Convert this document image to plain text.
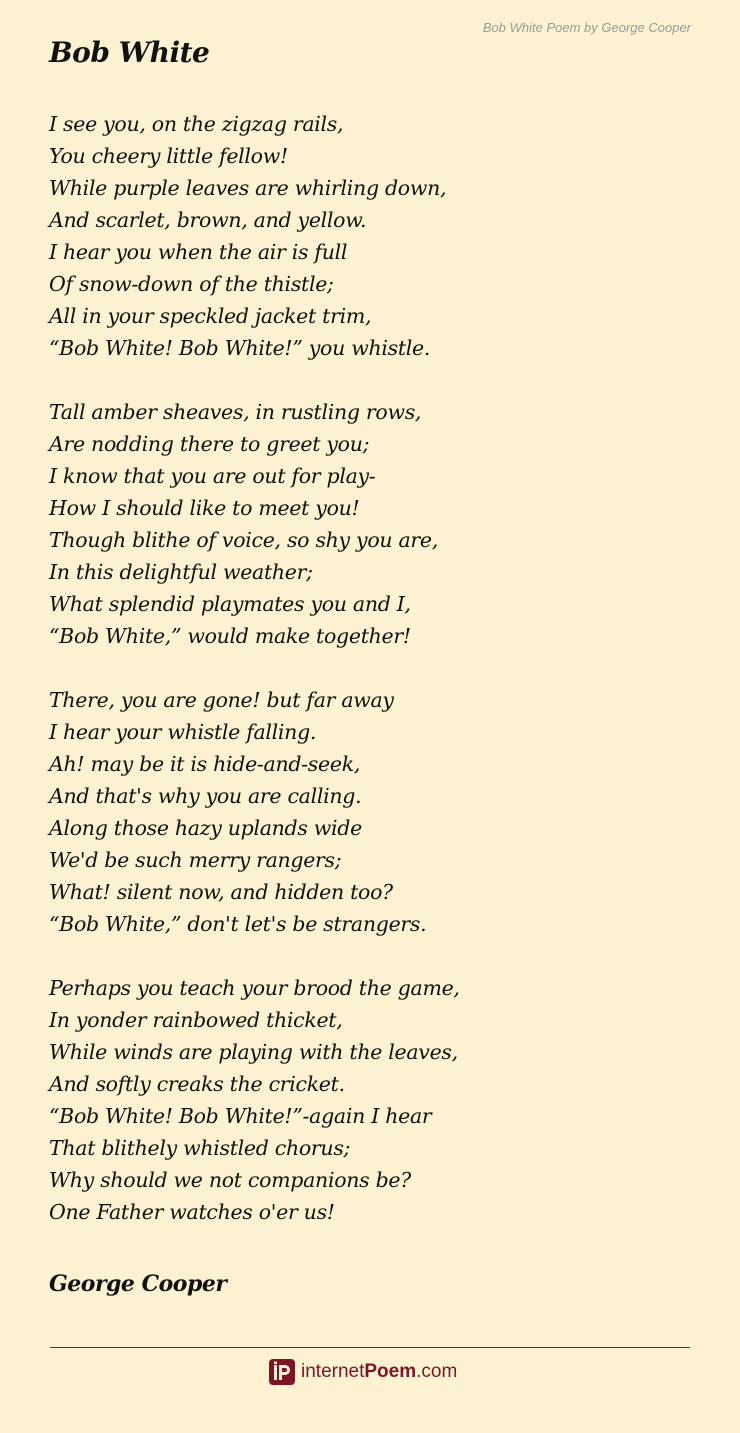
Bob White Poem by George Cooper
Bob White
I see you, on the zigzag rails,
You cheery little fellow!
While purple leaves are whirling down,
And scarlet, brown, and yellow.
I hear you when the air is full
Of snow-down of the thistle;
All in your speckled jacket trim,
“Bob White! Bob White!” you whistle.
Tall amber sheaves, in rustling rows,
Are nodding there to greet you;
I know that you are out for play-
How I should like to meet you!
Though blithe of voice, so shy you are,
In this delightful weather;
What splendid playmates you and I,
“Bob White,” would make together!
There, you are gone! but far away
I hear your whistle falling.
Ah! may be it is hide-and-seek,
And that's why you are calling.
Along those hazy uplands wide
We'd be such merry rangers;
What! silent now, and hidden too?
“Bob White,” don't let's be strangers.
Perhaps you teach your brood the game,
In yonder rainbowed thicket,
While winds are playing with the leaves,
And softly creaks the cricket.
“Bob White! Bob White!”-again I hear
That blithely whistled chorus;
Why should we not companions be?
One Father watches o'er us!
George Cooper
internetPoem.com
